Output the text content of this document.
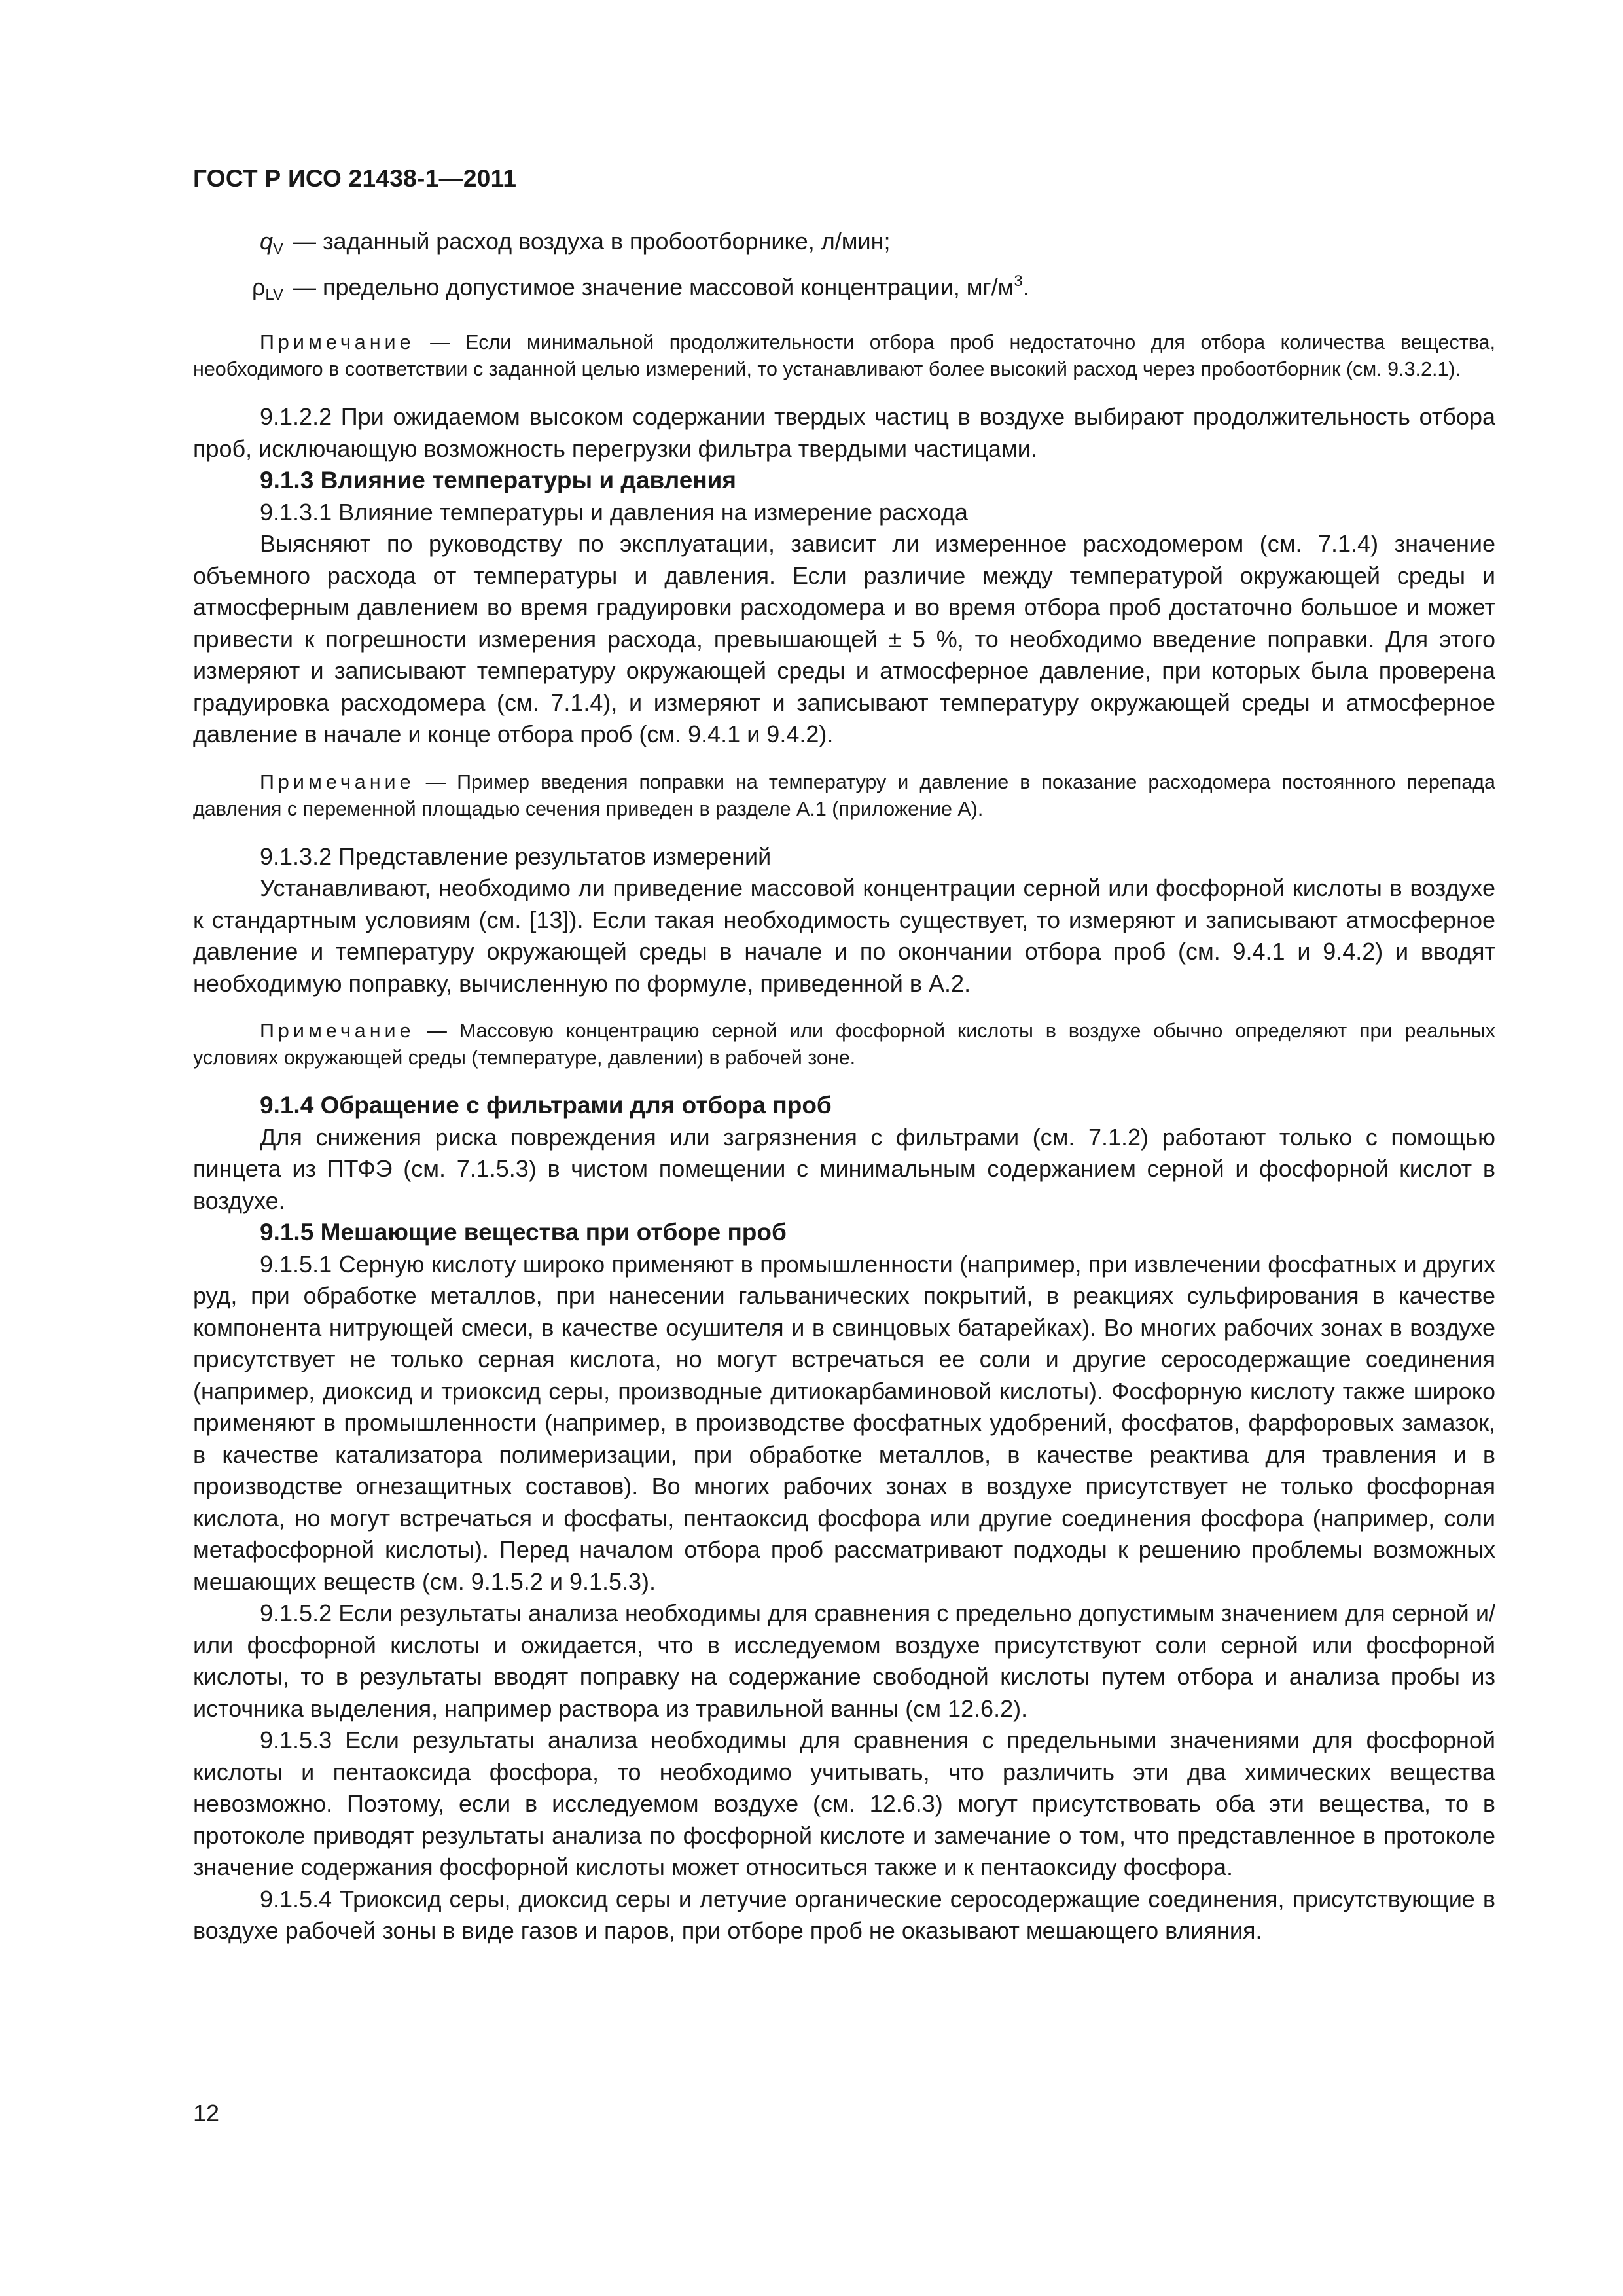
ГОСТ Р ИСО 21438-1—2011

$q_V$ — заданный расход воздуха в пробоотборнике, л/мин;

$\rho_{LV}$ — предельно допустимое значение массовой концентрации, $мг/м^3$.

Примечание — Если минимальной продолжительности отбора проб недостаточно для отбора количества вещества, необходимого в соответствии с заданной целью измерений, то устанавливают более высокий расход через пробоотборник (см. 9.3.2.1).

9.1.2.2 При ожидаемом высоком содержании твердых частиц в воздухе выбирают продолжительность отбора проб, исключающую возможность перегрузки фильтра твердыми частицами.

9.1.3 Влияние температуры и давления

9.1.3.1 Влияние температуры и давления на измерение расхода

Выясняют по руководству по эксплуатации, зависит ли измеренное расходомером (см. 7.1.4) значение объемного расхода от температуры и давления. Если различие между температурой окружающей среды и атмосферным давлением во время градуировки расходомера и во время отбора проб достаточно большое и может привести к погрешности измерения расхода, превышающей ± 5 %, то необходимо введение поправки. Для этого измеряют и записывают температуру окружающей среды и атмосферное давление, при которых была проверена градуировка расходомера (см. 7.1.4), и измеряют и записывают температуру окружающей среды и атмосферное давление в начале и конце отбора проб (см. 9.4.1 и 9.4.2).

Примечание — Пример введения поправки на температуру и давление в показание расходомера постоянного перепада давления с переменной площадью сечения приведен в разделе А.1 (приложение А).

9.1.3.2 Представление результатов измерений

Устанавливают, необходимо ли приведение массовой концентрации серной или фосфорной кислоты в воздухе к стандартным условиям (см. [13]). Если такая необходимость существует, то измеряют и записывают атмосферное давление и температуру окружающей среды в начале и по окончании отбора проб (см. 9.4.1 и 9.4.2) и вводят необходимую поправку, вычисленную по формуле, приведенной в А.2.

Примечание — Массовую концентрацию серной или фосфорной кислоты в воздухе обычно определяют при реальных условиях окружающей среды (температуре, давлении) в рабочей зоне.

9.1.4 Обращение с фильтрами для отбора проб

Для снижения риска повреждения или загрязнения с фильтрами (см. 7.1.2) работают только с помощью пинцета из ПТФЭ (см. 7.1.5.3) в чистом помещении с минимальным содержанием серной и фосфорной кислот в воздухе.

9.1.5 Мешающие вещества при отборе проб

9.1.5.1 Серную кислоту широко применяют в промышленности (например, при извлечении фосфатных и других руд, при обработке металлов, при нанесении гальванических покрытий, в реакциях сульфирования в качестве компонента нитрующей смеси, в качестве осушителя и в свинцовых батарейках). Во многих рабочих зонах в воздухе присутствует не только серная кислота, но могут встречаться ее соли и другие серосодержащие соединения (например, диоксид и триоксид серы, производные дитиокарбаминовой кислоты). Фосфорную кислоту также широко применяют в промышленности (например, в производстве фосфатных удобрений, фосфатов, фарфоровых замазок, в качестве катализатора полимеризации, при обработке металлов, в качестве реактива для травления и в производстве огнезащитных составов). Во многих рабочих зонах в воздухе присутствует не только фосфорная кислота, но могут встречаться и фосфаты, пентаоксид фосфора или другие соединения фосфора (например, соли метафосфорной кислоты). Перед началом отбора проб рассматривают подходы к решению проблемы возможных мешающих веществ (см. 9.1.5.2 и 9.1.5.3).

9.1.5.2 Если результаты анализа необходимы для сравнения с предельно допустимым значением для серной и/или фосфорной кислоты и ожидается, что в исследуемом воздухе присутствуют соли серной или фосфорной кислоты, то в результаты вводят поправку на содержание свободной кислоты путем отбора и анализа пробы из источника выделения, например раствора из травильной ванны (см 12.6.2).

9.1.5.3 Если результаты анализа необходимы для сравнения с предельными значениями для фосфорной кислоты и пентаоксида фосфора, то необходимо учитывать, что различить эти два химических вещества невозможно. Поэтому, если в исследуемом воздухе (см. 12.6.3) могут присутствовать оба эти вещества, то в протоколе приводят результаты анализа по фосфорной кислоте и замечание о том, что представленное в протоколе значение содержания фосфорной кислоты может относиться также и к пентаоксиду фосфора.

9.1.5.4 Триоксид серы, диоксид серы и летучие органические серосодержащие соединения, присутствующие в воздухе рабочей зоны в виде газов и паров, при отборе проб не оказывают мешающего влияния.

12
